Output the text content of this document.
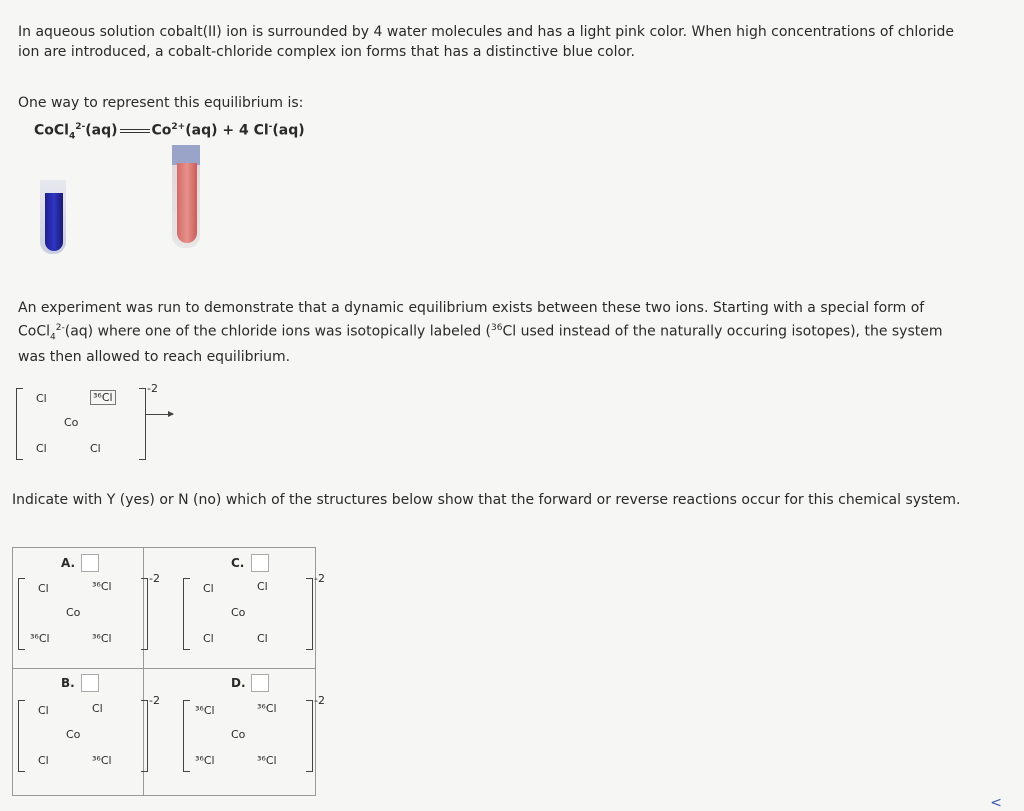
In aqueous solution cobalt(II) ion is surrounded by 4 water molecules and has a light pink color. When high concentrations of chloride ion are introduced, a cobalt-chloride complex ion forms that has a distinctive blue color.
One way to represent this equilibrium is:
CoCl$_4^{2-}$(aq) $Co^{2+}(aq) + 4$ Cl-(aq)
An experiment was run to demonstrate that a dynamic equilibrium exists between these two ions. Starting with a special form of
CoCl$_4^{2-}$(aq) where one of the chloride ions was isotopically labeled ($^{36}$Cl used instead of the naturally occuring isotopes), the system
was then allowed to reach equilibrium.
-2
Cl	³⁶Cl
Co
Cl	Cl
Indicate with Y (yes) or N (no) which of the structures below show that the forward or reverse reactions occur for this chemical system.
A.
-2
Cl	³⁶Cl
Co
³⁶Cl	³⁶Cl
C.
-2
Cl	Cl
Co
Cl	Cl
B.
-2
Cl	Cl
Co
Cl	³⁶Cl
D.
-2
³⁶Cl	³⁶Cl
Co
³⁶Cl	³⁶Cl
<
